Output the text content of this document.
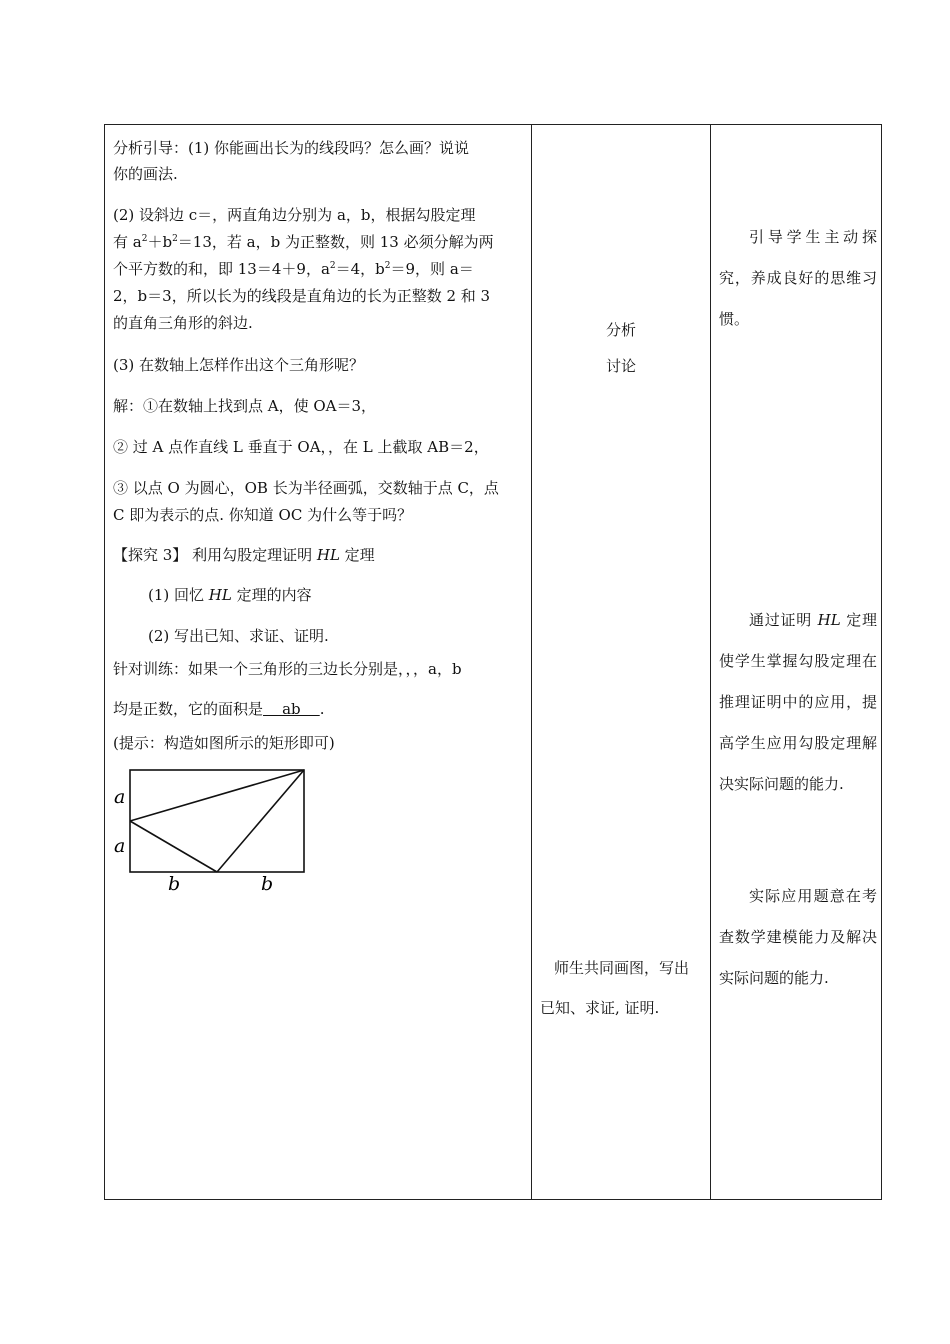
分析引导：(1) 你能画出长为的线段吗？怎么画？说说
你的画法.
(2) 设斜边 c＝，两直角边分别为 a，b，根据勾股定理
有 $a^2+b^2=13$，若 a，b 为正整数，则 13 必须分解为两
个平方数的和，即 13＝4＋9，$a^2=4$，$b^2=9$，则 a＝
2，b＝3，所以长为的线段是直角边的长为正整数 2 和 3
的直角三角形的斜边.
(3) 在数轴上怎样作出这个三角形呢？
解：①在数轴上找到点 A，使 OA＝3，
② 过 A 点作直线 L 垂直于 OA，，在 L 上截取 AB＝2，
③ 以点 O 为圆心，OB 长为半径画弧，交数轴于点 C，点
C 即为表示的点. 你知道 OC 为什么等于吗？
【探究 3】 利用勾股定理证明 HL 定理
(1) 回忆 HL 定理的内容
(2) 写出已知、求证、证明.
针对训练：如果一个三角形的三边长分别是，，，a，b
均是正数，它的面积是    ab    .
(提示：构造如图所示的矩形即可)
a
a
b	b
分析
讨论
师生共同画图，写出
已知、求证, 证明.
引导学生主动探究，养成良好的思维习惯。
通过证明 HL 定理使学生掌握勾股定理在推理证明中的应用，提高学生应用勾股定理解决实际问题的能力.
实际应用题意在考查数学建模能力及解决实际问题的能力.
